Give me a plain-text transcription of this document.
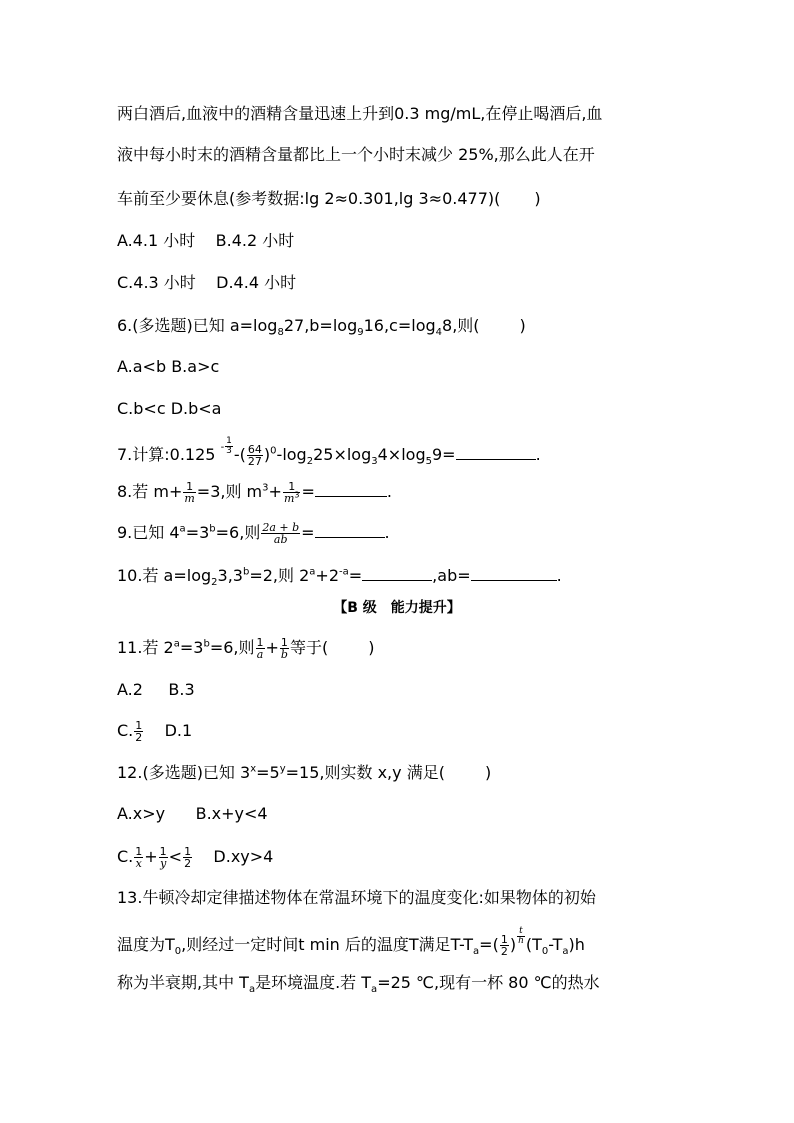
两白酒后,血液中的酒精含量迅速上升到0.3 mg/mL,在停止喝酒后,血
液中每小时末的酒精含量都比上一个小时末减少 25%,那么此人在开
车前至少要休息(参考数据:lg 2≈0.301,lg 3≈0.477)( )
A.4.1 小时 B.4.2 小时
C.4.3 小时 D.4.4 小时
6.(多选题)已知 $a=\log_827,b=\log_916,c=\log_48$,则(	)
A.a<b B.a>c
C.b<c D.b<a
7.计算:0.125 $^{- \frac{1}{3}}$ -( $\frac{64}{27} )^0-\log_225\times\log_34\times\log_59=$	.
8.若 $m+ \frac{1}{m} =3$,则 $m^3+ \frac{1}{m^3}$ =	.
9.已知 $4^a=3^b=6$,则 $\frac{2a + b}{ab}$ =	.
10.若 $a=\log_23,3^b=2$,则 $2^a+2^{-a}=$	,ab=	.
【B 级　能力提升】
11.若 $2^a=3^b=6$,则 $\frac{1}{a} + \frac{1}{b}$ 等于(	)
A.2 B.3
C. $\frac{1}{2} D.1$
12.(多选题)已知 $3^x=5^y=15$,则实数 x,y 满足(	)
A.x>y B.x+y<4
C. $\frac{1}{x} + \frac{1}{y} < \frac{1}{2} D.xy>4$
13.牛顿冷却定律描述物体在常温环境下的温度变化:如果物体的初始
温度为$T_0$,则经过一定时间t min 后的温度T满足$T-T_a=( \frac{1}{2}$ ) $^{\frac{t}{h}}$ $(T_0-T_a)h$
称为半衰期,其中 $T_a$是环境温度.若 $T_a=25$ ℃,现有一杯 80 ℃的热水
